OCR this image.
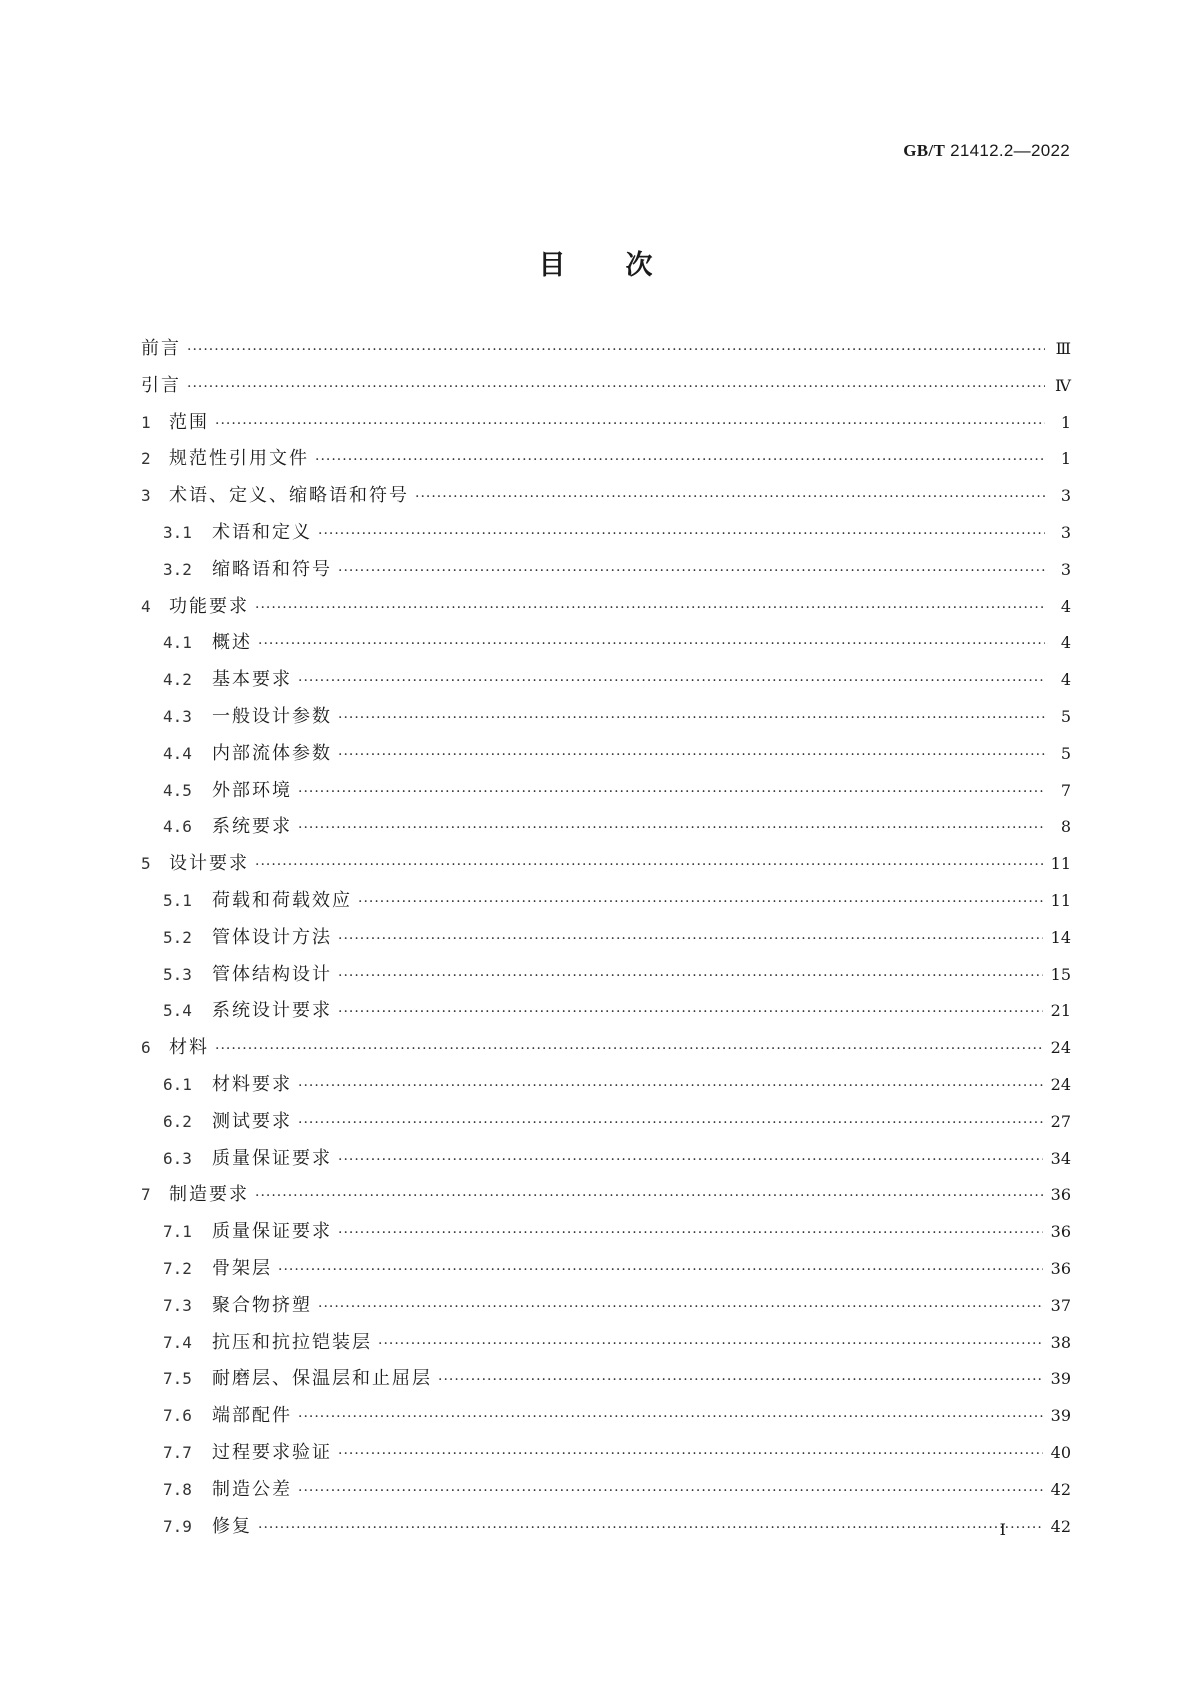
GB/T 21412.2—2022
目次
前言 ·····	Ⅲ
引言 ·····	Ⅳ
1	范围 ·····	1
2	规范性引用文件 ·····	1
3	术语、定义、缩略语和符号 ·····	3
3.1	术语和定义 ·····	3
3.2	缩略语和符号 ·····	3
4	功能要求 ·····	4
4.1	概述 ·····	4
4.2	基本要求 ·····	4
4.3	一般设计参数 ·····	5
4.4	内部流体参数 ·····	5
4.5	外部环境 ·····	7
4.6	系统要求 ·····	8
5	设计要求 ·····	11
5.1	荷载和荷载效应 ·····	11
5.2	管体设计方法 ·····	14
5.3	管体结构设计 ·····	15
5.4	系统设计要求 ·····	21
6	材料 ·····	24
6.1	材料要求 ·····	24
6.2	测试要求 ·····	27
6.3	质量保证要求 ·····	34
7	制造要求 ·····	36
7.1	质量保证要求 ·····	36
7.2	骨架层 ·····	36
7.3	聚合物挤塑 ·····	37
7.4	抗压和抗拉铠装层 ·····	38
7.5	耐磨层、保温层和止屈层 ·····	39
7.6	端部配件 ·····	39
7.7	过程要求验证 ·····	40
7.8	制造公差 ·····	42
7.9	修复 ·····	42
Ⅰ
